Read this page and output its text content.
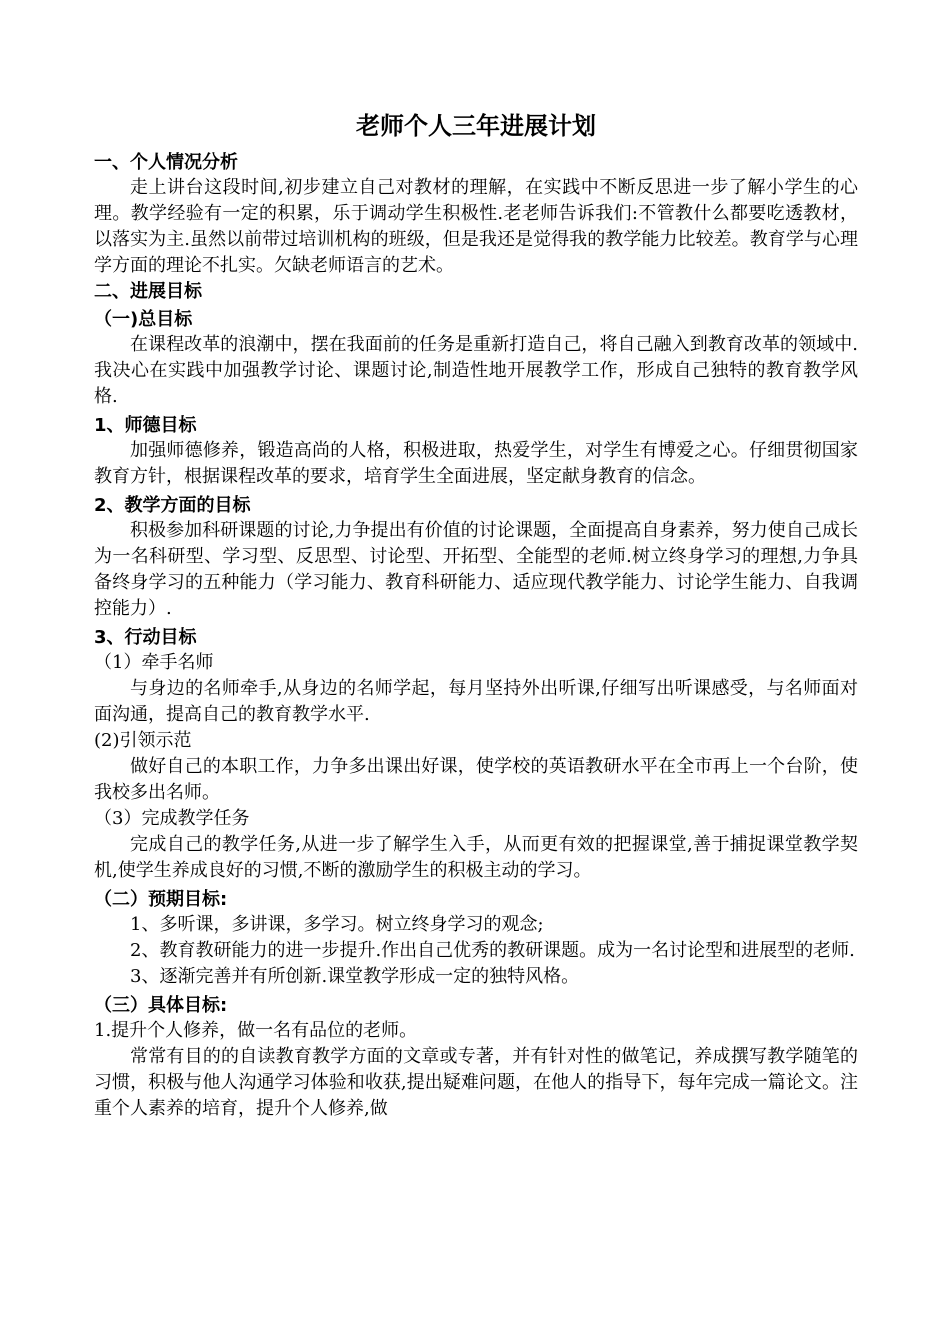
老师个人三年进展计划
一、个人情况分析
走上讲台这段时间,初步建立自己对教材的理解，在实践中不断反思进一步了解小学生的心理。教学经验有一定的积累，乐于调动学生积极性.老老师告诉我们:不管教什么都要吃透教材，以落实为主.虽然以前带过培训机构的班级，但是我还是觉得我的教学能力比较差。教育学与心理学方面的理论不扎实。欠缺老师语言的艺术。
二、进展目标
（一)总目标
在课程改革的浪潮中，摆在我面前的任务是重新打造自己，将自己融入到教育改革的领域中.我决心在实践中加强教学讨论、课题讨论,制造性地开展教学工作，形成自己独特的教育教学风格.
1、师德目标
加强师德修养，锻造高尚的人格，积极进取，热爱学生，对学生有博爱之心。仔细贯彻国家教育方针，根据课程改革的要求，培育学生全面进展，坚定献身教育的信念。
2、教学方面的目标
积极参加科研课题的讨论,力争提出有价值的讨论课题，全面提高自身素养，努力使自己成长为一名科研型、学习型、反思型、讨论型、开拓型、全能型的老师.树立终身学习的理想,力争具备终身学习的五种能力（学习能力、教育科研能力、适应现代教学能力、讨论学生能力、自我调控能力）.
3、行动目标
（1）牵手名师
与身边的名师牵手,从身边的名师学起，每月坚持外出听课,仔细写出听课感受，与名师面对面沟通，提高自己的教育教学水平.
(2)引领示范
做好自己的本职工作，力争多出课出好课，使学校的英语教研水平在全市再上一个台阶，使我校多出名师。
（3）完成教学任务
完成自己的教学任务,从进一步了解学生入手，从而更有效的把握课堂,善于捕捉课堂教学契机,使学生养成良好的习惯,不断的激励学生的积极主动的学习。
（二）预期目标:
1、多听课，多讲课，多学习。树立终身学习的观念;
2、教育教研能力的进一步提升.作出自己优秀的教研课题。成为一名讨论型和进展型的老师.
3、逐渐完善并有所创新.课堂教学形成一定的独特风格。
（三）具体目标:
1.提升个人修养，做一名有品位的老师。
常常有目的的自读教育教学方面的文章或专著，并有针对性的做笔记，养成撰写教学随笔的习惯，积极与他人沟通学习体验和收获,提出疑难问题，在他人的指导下，每年完成一篇论文。注重个人素养的培育，提升个人修养,做
